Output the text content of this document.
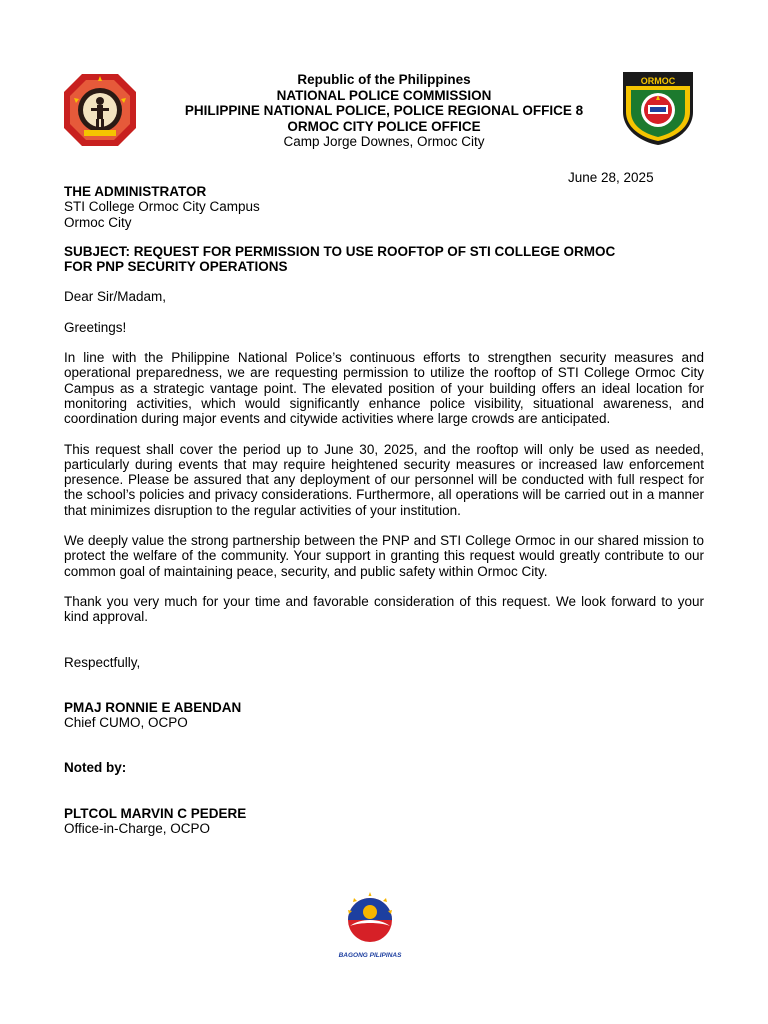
ORMOC
Republic of the Philippines
NATIONAL POLICE COMMISSION
PHILIPPINE NATIONAL POLICE, POLICE REGIONAL OFFICE 8
ORMOC CITY POLICE OFFICE
Camp Jorge Downes, Ormoc City
June 28, 2025
THE ADMINISTRATOR
STI College Ormoc City Campus
Ormoc City
SUBJECT: REQUEST FOR PERMISSION TO USE ROOFTOP OF STI COLLEGE ORMOC
FOR PNP SECURITY OPERATIONS

Dear Sir/Madam,

Greetings!

In line with the Philippine National Police’s continuous efforts to strengthen security measures and operational preparedness, we are requesting permission to utilize the rooftop of STI College Ormoc City Campus as a strategic vantage point. The elevated position of your building offers an ideal location for monitoring activities, which would significantly enhance police visibility, situational awareness, and coordination during major events and citywide activities where large crowds are anticipated.

This request shall cover the period up to June 30, 2025, and the rooftop will only be used as needed, particularly during events that may require heightened security measures or increased law enforcement presence. Please be assured that any deployment of our personnel will be conducted with full respect for the school’s policies and privacy considerations. Furthermore, all operations will be carried out in a manner that minimizes disruption to the regular activities of your institution.

We deeply value the strong partnership between the PNP and STI College Ormoc in our shared mission to protect the welfare of the community. Your support in granting this request would greatly contribute to our common goal of maintaining peace, security, and public safety within Ormoc City.

Thank you very much for your time and favorable consideration of this request. We look forward to your kind approval.

Respectfully,

PMAJ RONNIE E ABENDAN
Chief CUMO, OCPO
Noted by:
PLTCOL MARVIN C PEDERE
Office-in-Charge, OCPO
BAGONG PILIPINAS
